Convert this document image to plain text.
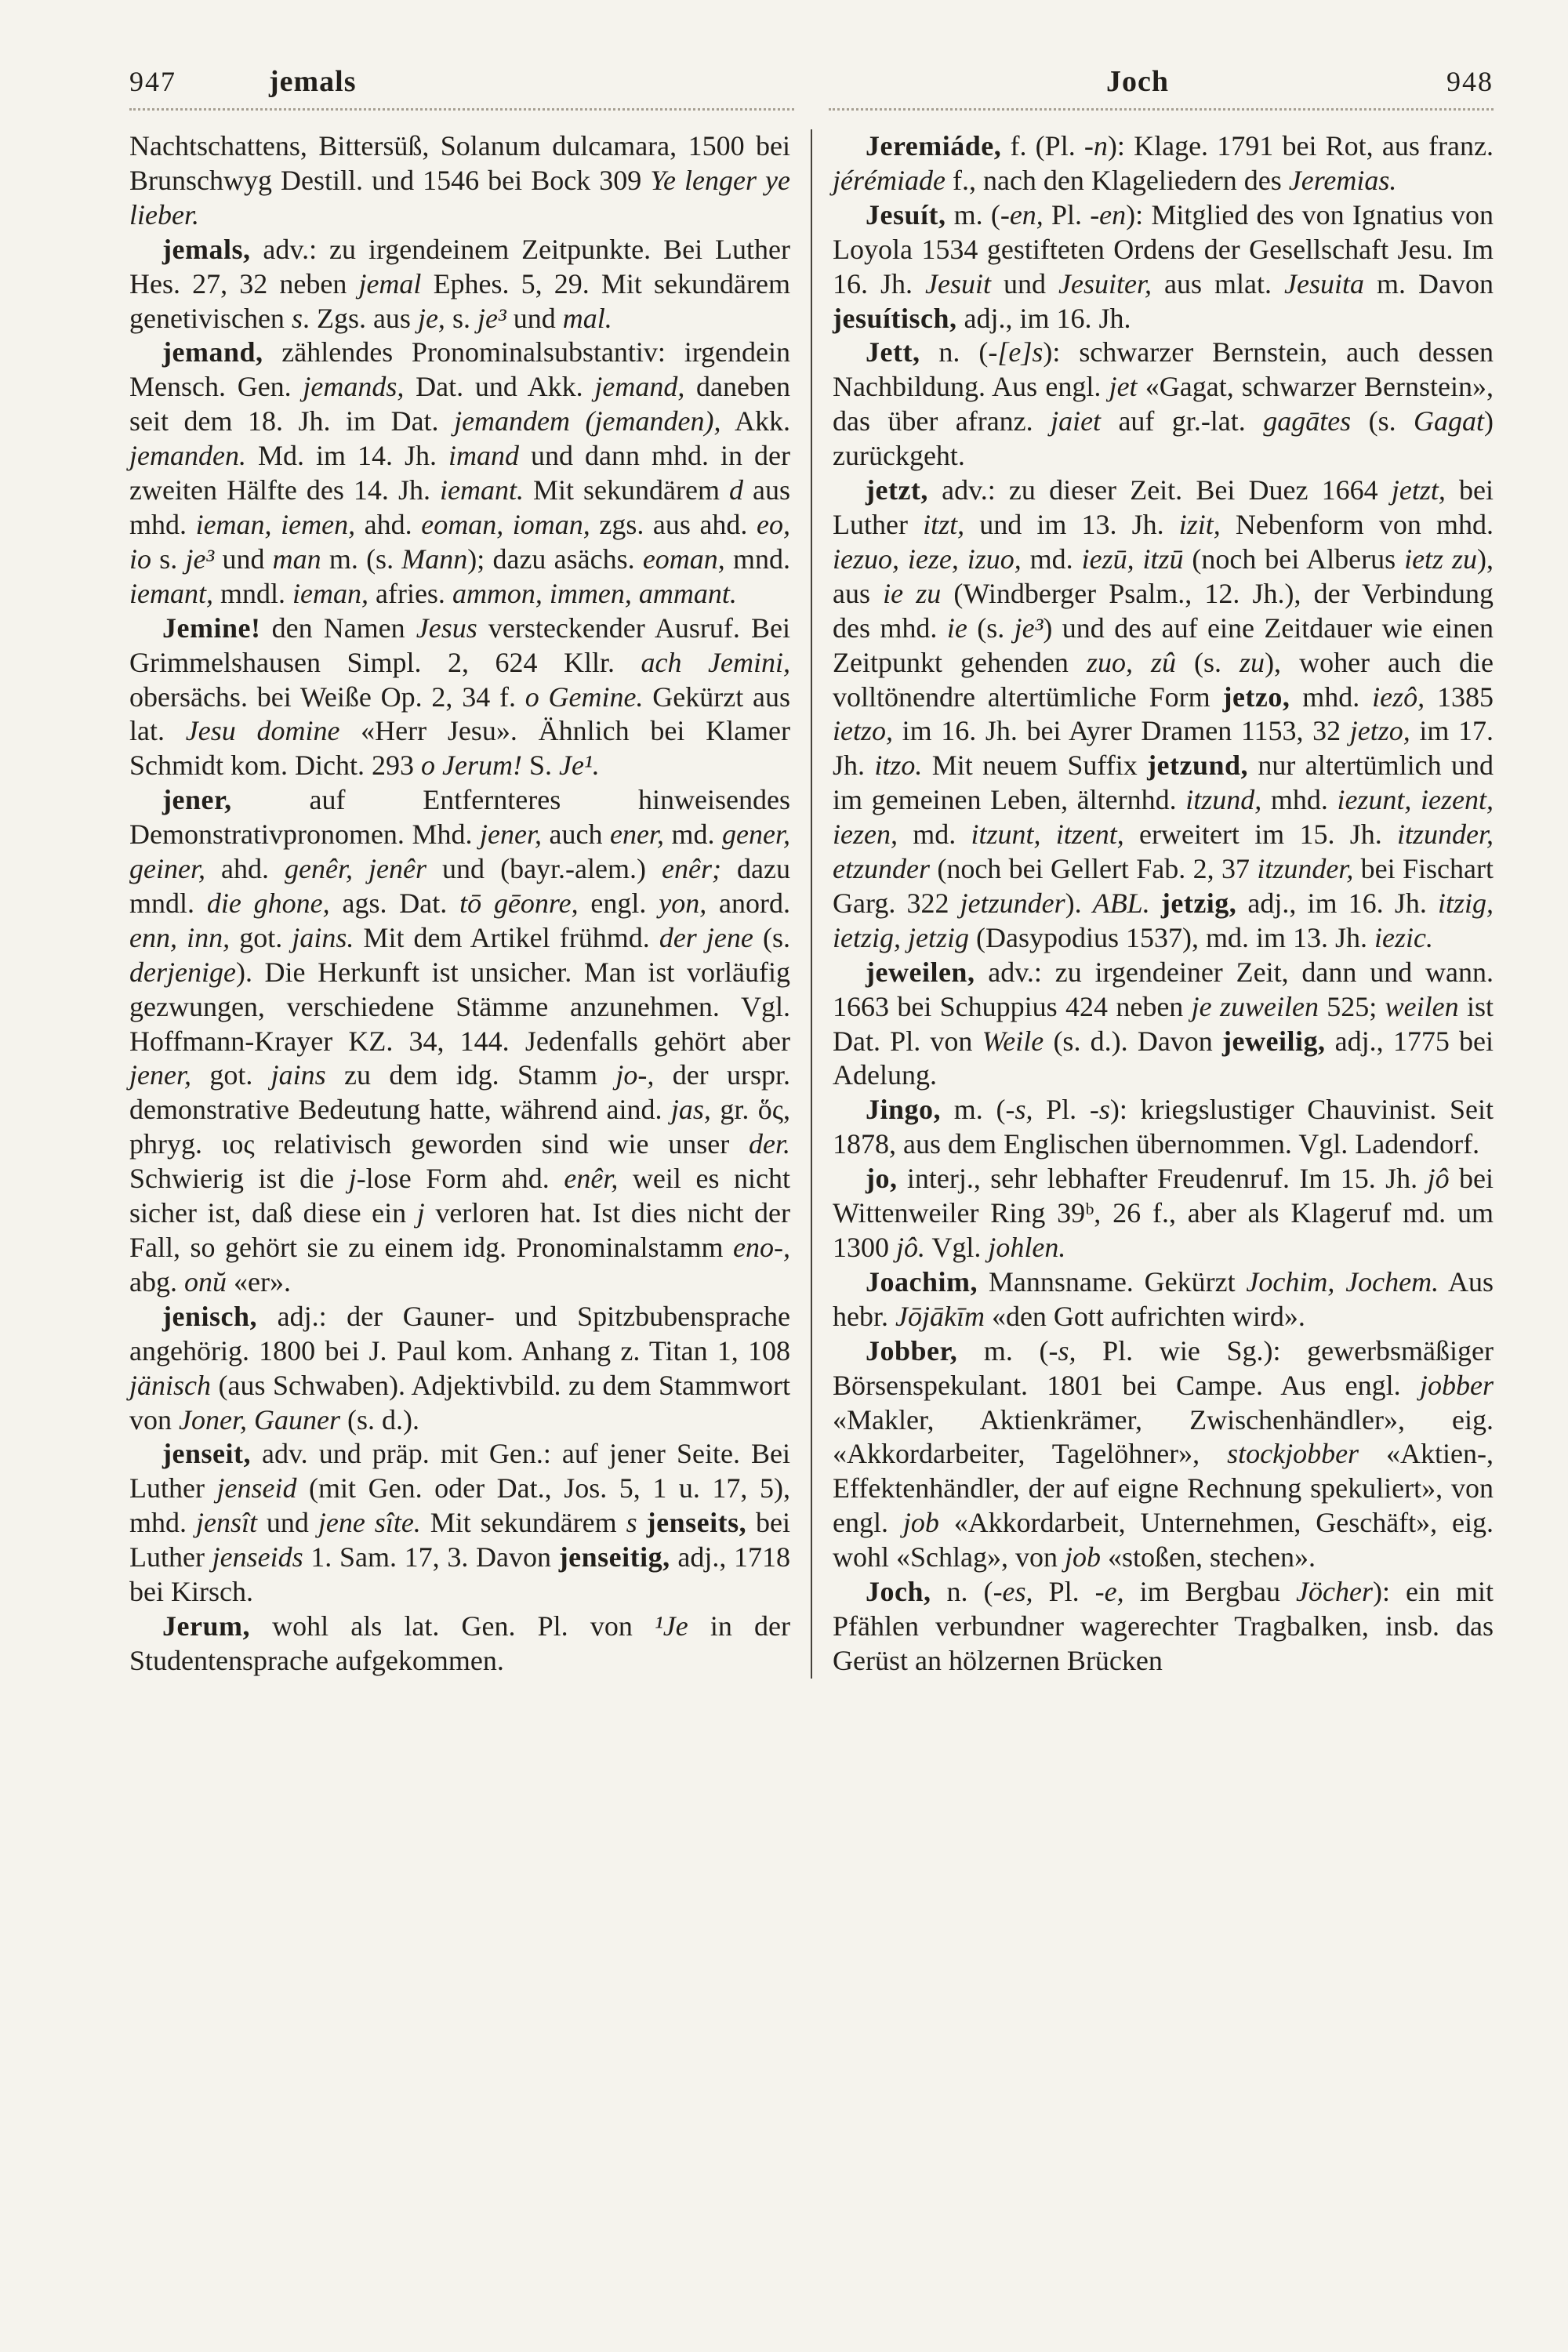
947	jemals	Joch	948

Nachtschattens, Bittersüß, Solanum dulcamara, 1500 bei Brunschwyg Destill. und 1546 bei Bock 309 Ye lenger ye lieber.

jemals, adv.: zu irgendeinem Zeitpunkte. Bei Luther Hes. 27, 32 neben jemal Ephes. 5, 29. Mit sekundärem genetivischen s. Zgs. aus je, s. je³ und mal.

jemand, zählendes Pronominalsubstantiv: irgendein Mensch. Gen. jemands, Dat. und Akk. jemand, daneben seit dem 18. Jh. im Dat. jemandem (jemanden), Akk. jemanden. Md. im 14. Jh. imand und dann mhd. in der zweiten Hälfte des 14. Jh. iemant. Mit sekundärem d aus mhd. ieman, iemen, ahd. eoman, ioman, zgs. aus ahd. eo, io s. je³ und man m. (s. Mann); dazu asächs. eoman, mnd. iemant, mndl. ieman, afries. ammon, immen, ammant.

Jemine! den Namen Jesus versteckender Ausruf. Bei Grimmelshausen Simpl. 2, 624 Kllr. ach Jemini, obersächs. bei Weiße Op. 2, 34 f. o Gemine. Gekürzt aus lat. Jesu domine «Herr Jesu». Ähnlich bei Klamer Schmidt kom. Dicht. 293 o Jerum! S. Je¹.

jener, auf Entfernteres hinweisendes Demonstrativpronomen. Mhd. jener, auch ener, md. gener, geiner, ahd. genêr, jenêr und (bayr.-alem.) enêr; dazu mndl. die ghone, ags. Dat. tō gēonre, engl. yon, anord. enn, inn, got. jains. Mit dem Artikel frühmd. der jene (s. derjenige). Die Herkunft ist unsicher. Man ist vorläufig gezwungen, verschiedene Stämme anzunehmen. Vgl. Hoffmann-Krayer KZ. 34, 144. Jedenfalls gehört aber jener, got. jains zu dem idg. Stamm jo-, der urspr. demonstrative Bedeutung hatte, während aind. jas, gr. ὅς, phryg. ιος relativisch geworden sind wie unser der. Schwierig ist die j-lose Form ahd. enêr, weil es nicht sicher ist, daß diese ein j verloren hat. Ist dies nicht der Fall, so gehört sie zu einem idg. Pronominalstamm eno-, abg. onŭ «er».

jenisch, adj.: der Gauner- und Spitzbubensprache angehörig. 1800 bei J. Paul kom. Anhang z. Titan 1, 108 jänisch (aus Schwaben). Adjektivbild. zu dem Stammwort von Joner, Gauner (s. d.).

jenseit, adv. und präp. mit Gen.: auf jener Seite. Bei Luther jenseid (mit Gen. oder Dat., Jos. 5, 1 u. 17, 5), mhd. jensît und jene sîte. Mit sekundärem s jenseits, bei Luther jenseids 1. Sam. 17, 3. Davon jenseitig, adj., 1718 bei Kirsch.

Jerum, wohl als lat. Gen. Pl. von ¹Je in der Studentensprache aufgekommen.

Jeremiáde, f. (Pl. -n): Klage. 1791 bei Rot, aus franz. jérémiade f., nach den Klageliedern des Jeremias.

Jesuít, m. (-en, Pl. -en): Mitglied des von Ignatius von Loyola 1534 gestifteten Ordens der Gesellschaft Jesu. Im 16. Jh. Jesuit und Jesuiter, aus mlat. Jesuita m. Davon jesuítisch, adj., im 16. Jh.

Jett, n. (-[e]s): schwarzer Bernstein, auch dessen Nachbildung. Aus engl. jet «Gagat, schwarzer Bernstein», das über afranz. jaiet auf gr.-lat. gagātes (s. Gagat) zurückgeht.

jetzt, adv.: zu dieser Zeit. Bei Duez 1664 jetzt, bei Luther itzt, und im 13. Jh. izit, Nebenform von mhd. iezuo, ieze, izuo, md. iezū, itzū (noch bei Alberus ietz zu), aus ie zu (Windberger Psalm., 12. Jh.), der Verbindung des mhd. ie (s. je³) und des auf eine Zeitdauer wie einen Zeitpunkt gehenden zuo, zû (s. zu), woher auch die volltönendre altertümliche Form jetzo, mhd. iezô, 1385 ietzo, im 16. Jh. bei Ayrer Dramen 1153, 32 jetzo, im 17. Jh. itzo. Mit neuem Suffix jetzund, nur altertümlich und im gemeinen Leben, älternhd. itzund, mhd. iezunt, iezent, iezen, md. itzunt, itzent, erweitert im 15. Jh. itzunder, etzunder (noch bei Gellert Fab. 2, 37 itzunder, bei Fischart Garg. 322 jetzunder). ABL. jetzig, adj., im 16. Jh. itzig, ietzig, jetzig (Dasypodius 1537), md. im 13. Jh. iezic.

jeweilen, adv.: zu irgendeiner Zeit, dann und wann. 1663 bei Schuppius 424 neben je zuweilen 525; weilen ist Dat. Pl. von Weile (s. d.). Davon jeweilig, adj., 1775 bei Adelung.

Jingo, m. (-s, Pl. -s): kriegslustiger Chauvinist. Seit 1878, aus dem Englischen übernommen. Vgl. Ladendorf.

jo, interj., sehr lebhafter Freudenruf. Im 15. Jh. jô bei Wittenweiler Ring 39ᵇ, 26 f., aber als Klageruf md. um 1300 jô. Vgl. johlen.

Joachim, Mannsname. Gekürzt Jochim, Jochem. Aus hebr. Jōjākīm «den Gott aufrichten wird».

Jobber, m. (-s, Pl. wie Sg.): gewerbsmäßiger Börsenspekulant. 1801 bei Campe. Aus engl. jobber «Makler, Aktienkrämer, Zwischenhändler», eig. «Akkordarbeiter, Tagelöhner», stockjobber «Aktien-, Effektenhändler, der auf eigne Rechnung spekuliert», von engl. job «Akkordarbeit, Unternehmen, Geschäft», eig. wohl «Schlag», von job «stoßen, stechen».

Joch, n. (-es, Pl. -e, im Bergbau Jöcher): ein mit Pfählen verbundner wagerechter Tragbalken, insb. das Gerüst an hölzernen Brücken
